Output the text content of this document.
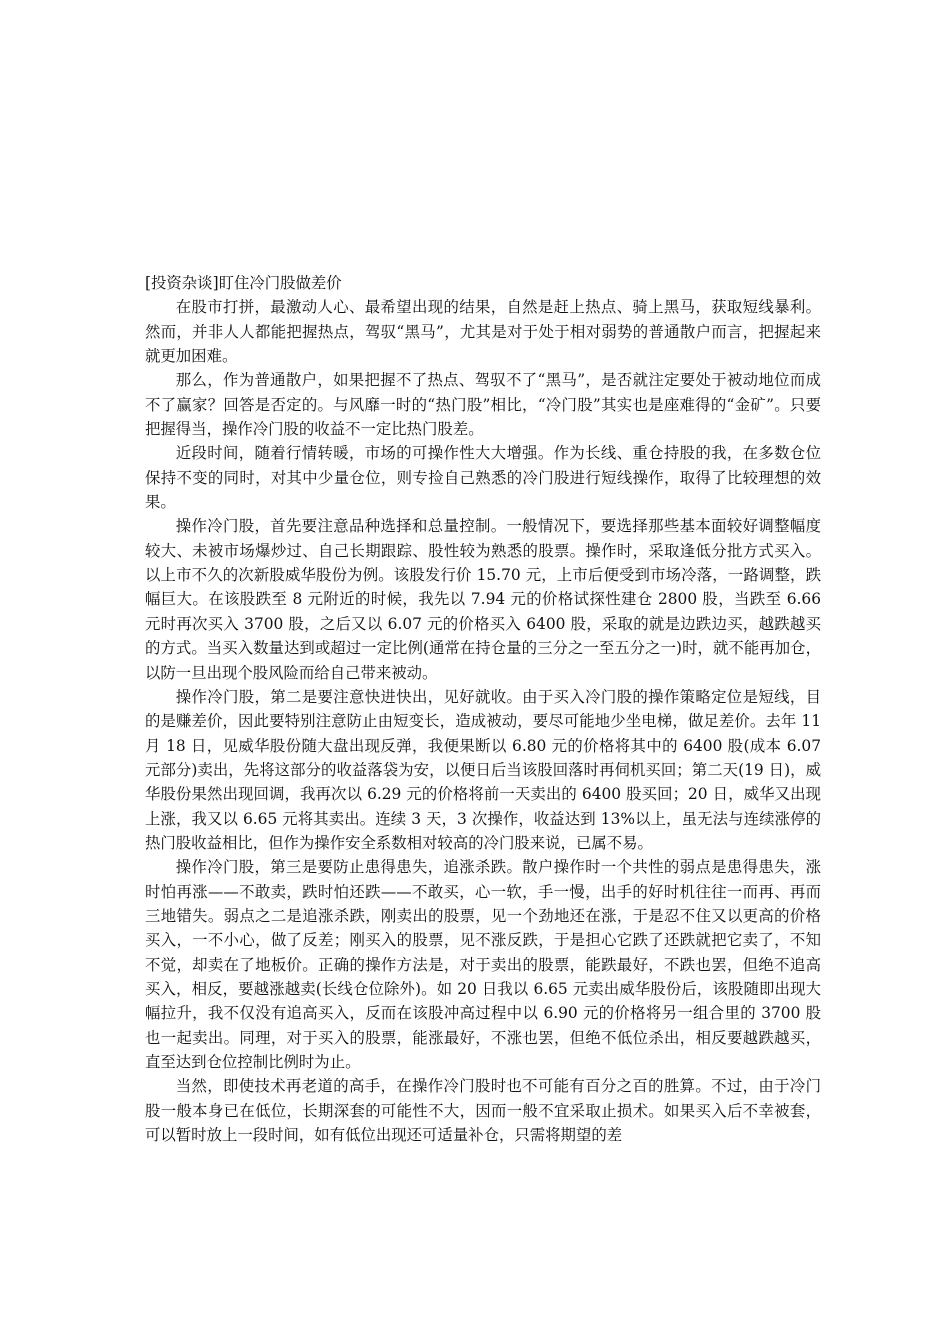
[投资杂谈]盯住冷门股做差价

在股市打拼，最激动人心、最希望出现的结果，自然是赶上热点、骑上黑马，获取短线暴利。然而，并非人人都能把握热点，驾驭“黑马”，尤其是对于处于相对弱势的普通散户而言，把握起来就更加困难。

那么，作为普通散户，如果把握不了热点、驾驭不了“黑马”，是否就注定要处于被动地位而成不了赢家？回答是否定的。与风靡一时的“热门股”相比，“冷门股”其实也是座难得的“金矿”。只要把握得当，操作冷门股的收益不一定比热门股差。

近段时间，随着行情转暖，市场的可操作性大大增强。作为长线、重仓持股的我，在多数仓位保持不变的同时，对其中少量仓位，则专捡自己熟悉的冷门股进行短线操作，取得了比较理想的效果。

操作冷门股，首先要注意品种选择和总量控制。一般情况下，要选择那些基本面较好调整幅度较大、未被市场爆炒过、自己长期跟踪、股性较为熟悉的股票。操作时，采取逢低分批方式买入。以上市不久的次新股威华股份为例。该股发行价 15.70 元，上市后便受到市场冷落，一路调整，跌幅巨大。在该股跌至 8 元附近的时候，我先以 7.94 元的价格试探性建仓 2800 股，当跌至 6.66 元时再次买入 3700 股，之后又以 6.07 元的价格买入 6400 股，采取的就是边跌边买，越跌越买的方式。当买入数量达到或超过一定比例(通常在持仓量的三分之一至五分之一)时，就不能再加仓，以防一旦出现个股风险而给自己带来被动。

操作冷门股，第二是要注意快进快出，见好就收。由于买入冷门股的操作策略定位是短线，目的是赚差价，因此要特别注意防止由短变长，造成被动，要尽可能地少坐电梯，做足差价。去年 11 月 18 日，见威华股份随大盘出现反弹，我便果断以 6.80 元的价格将其中的 6400 股(成本 6.07 元部分)卖出，先将这部分的收益落袋为安，以便日后当该股回落时再伺机买回；第二天(19 日)，威华股份果然出现回调，我再次以 6.29 元的价格将前一天卖出的 6400 股买回；20 日，威华又出现上涨，我又以 6.65 元将其卖出。连续 3 天，3 次操作，收益达到 13%以上，虽无法与连续涨停的热门股收益相比，但作为操作安全系数相对较高的冷门股来说，已属不易。

操作冷门股，第三是要防止患得患失，追涨杀跌。散户操作时一个共性的弱点是患得患失，涨时怕再涨——不敢卖，跌时怕还跌——不敢买，心一软，手一慢，出手的好时机往往一而再、再而三地错失。弱点之二是追涨杀跌，刚卖出的股票，见一个劲地还在涨，于是忍不住又以更高的价格买入，一不小心，做了反差；刚买入的股票，见不涨反跌，于是担心它跌了还跌就把它卖了，不知不觉，却卖在了地板价。正确的操作方法是，对于卖出的股票，能跌最好，不跌也罢，但绝不追高买入，相反，要越涨越卖(长线仓位除外)。如 20 日我以 6.65 元卖出威华股份后，该股随即出现大幅拉升，我不仅没有追高买入，反而在该股冲高过程中以 6.90 元的价格将另一组合里的 3700 股也一起卖出。同理，对于买入的股票，能涨最好，不涨也罢，但绝不低位杀出，相反要越跌越买，直至达到仓位控制比例时为止。

当然，即使技术再老道的高手，在操作冷门股时也不可能有百分之百的胜算。不过，由于冷门股一般本身已在低位，长期深套的可能性不大，因而一般不宜采取止损术。如果买入后不幸被套，可以暂时放上一段时间，如有低位出现还可适量补仓，只需将期望的差
